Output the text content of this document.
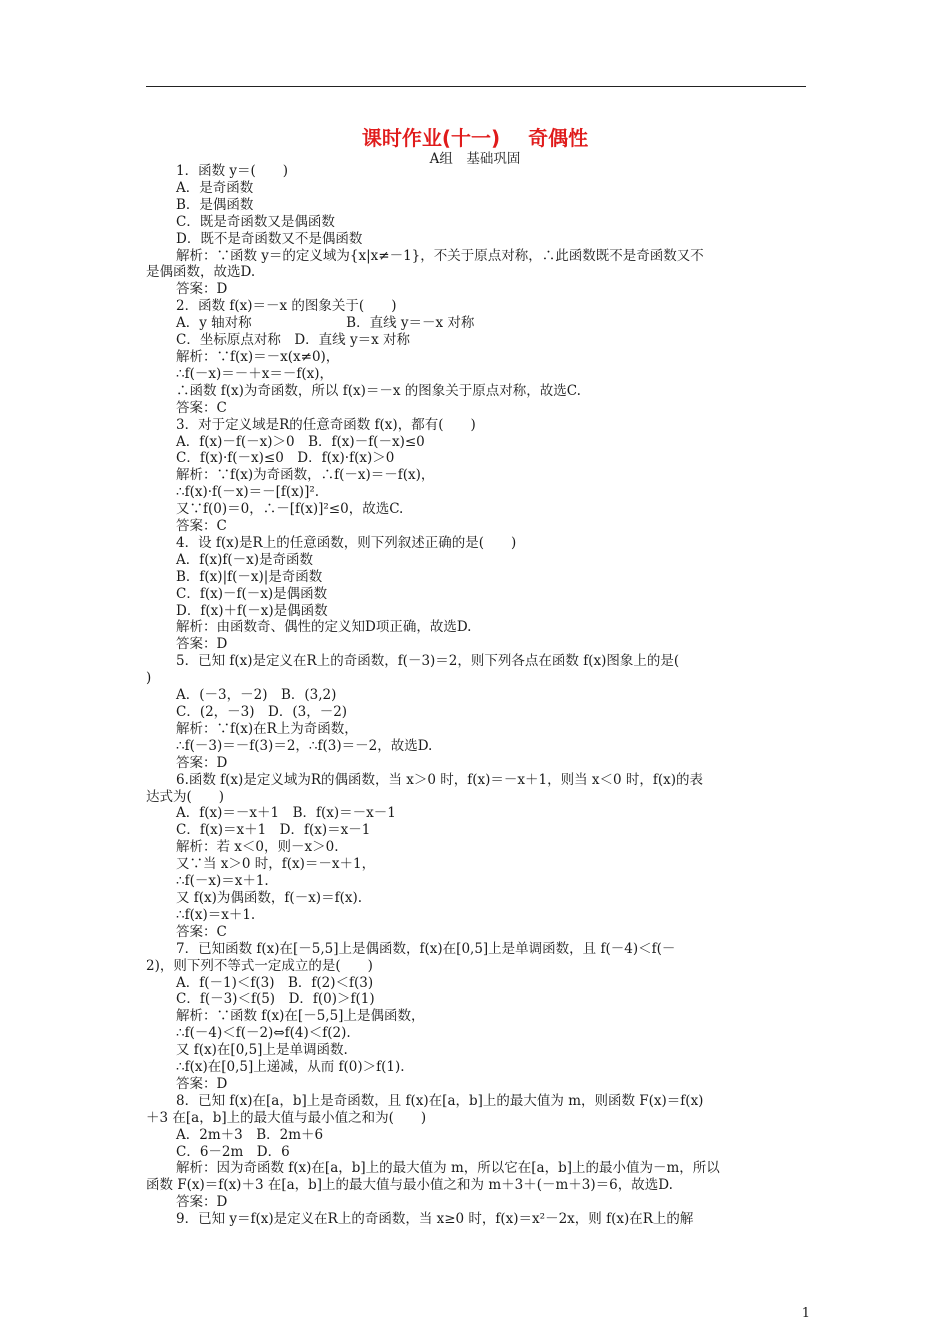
课时作业(十一) 奇偶性
A组　基础巩固
1．函数 y＝(　　)
A．是奇函数
B．是偶函数
C．既是奇函数又是偶函数
D．既不是奇函数又不是偶函数
解析：∵函数 y＝的定义域为{x|x≠－1}，不关于原点对称，∴此函数既不是奇函数又不
是偶函数，故选D.
答案：D
2．函数 f(x)＝－x 的图象关于(　　)
A．y 轴对称　　　　　　　B．直线 y＝－x 对称
C．坐标原点对称　D．直线 y＝x 对称
解析：∵f(x)＝－x(x≠0)，
∴f(－x)＝－＋x＝－f(x)，
∴函数 f(x)为奇函数，所以 f(x)＝－x 的图象关于原点对称，故选C.
答案：C
3．对于定义域是R的任意奇函数 f(x)，都有(　　)
A．f(x)－f(－x)＞0　B．f(x)－f(－x)≤0
C．f(x)·f(－x)≤0　D．f(x)·f(x)＞0
解析：∵f(x)为奇函数，∴f(－x)＝－f(x)，
∴f(x)·f(－x)＝－[f(x)]².
又∵f(0)＝0，∴－[f(x)]²≤0，故选C.
答案：C
4．设 f(x)是R上的任意函数，则下列叙述正确的是(　　)
A．f(x)f(－x)是奇函数
B．f(x)|f(－x)|是奇函数
C．f(x)－f(－x)是偶函数
D．f(x)＋f(－x)是偶函数
解析：由函数奇、偶性的定义知D项正确，故选D.
答案：D
5．已知 f(x)是定义在R上的奇函数，f(－3)＝2，则下列各点在函数 f(x)图象上的是(
)
A．(－3，－2)　B．(3,2)
C．(2，－3)　D．(3，－2)
解析：∵f(x)在R上为奇函数，
∴f(－3)＝－f(3)＝2，∴f(3)＝－2，故选D.
答案：D
6.函数 f(x)是定义域为R的偶函数，当 x＞0 时，f(x)＝－x＋1，则当 x＜0 时，f(x)的表
达式为(　　)
A．f(x)＝－x＋1　B．f(x)＝－x－1
C．f(x)＝x＋1　D．f(x)＝x－1
解析：若 x＜0，则－x＞0.
又∵当 x＞0 时，f(x)＝－x＋1，
∴f(－x)＝x＋1.
又 f(x)为偶函数，f(－x)＝f(x).
∴f(x)＝x＋1.
答案：C
7．已知函数 f(x)在[－5,5]上是偶函数，f(x)在[0,5]上是单调函数，且 f(－4)＜f(－
2)，则下列不等式一定成立的是(　　)
A．f(－1)＜f(3)　B．f(2)＜f(3)
C．f(－3)＜f(5)　D．f(0)＞f(1)
解析：∵函数 f(x)在[－5,5]上是偶函数，
∴f(－4)＜f(－2)⇔f(4)＜f(2).
又 f(x)在[0,5]上是单调函数.
∴f(x)在[0,5]上递减，从而 f(0)＞f(1).
答案：D
8．已知 f(x)在[a，b]上是奇函数，且 f(x)在[a，b]上的最大值为 m，则函数 F(x)＝f(x)
＋3 在[a，b]上的最大值与最小值之和为(　　)
A．2m＋3　B．2m＋6
C．6－2m　D．6
解析：因为奇函数 f(x)在[a，b]上的最大值为 m，所以它在[a，b]上的最小值为－m，所以
函数 F(x)＝f(x)＋3 在[a，b]上的最大值与最小值之和为 m＋3＋(－m＋3)＝6，故选D.
答案：D
9．已知 y＝f(x)是定义在R上的奇函数，当 x≥0 时，f(x)＝x²－2x，则 f(x)在R上的解
1
